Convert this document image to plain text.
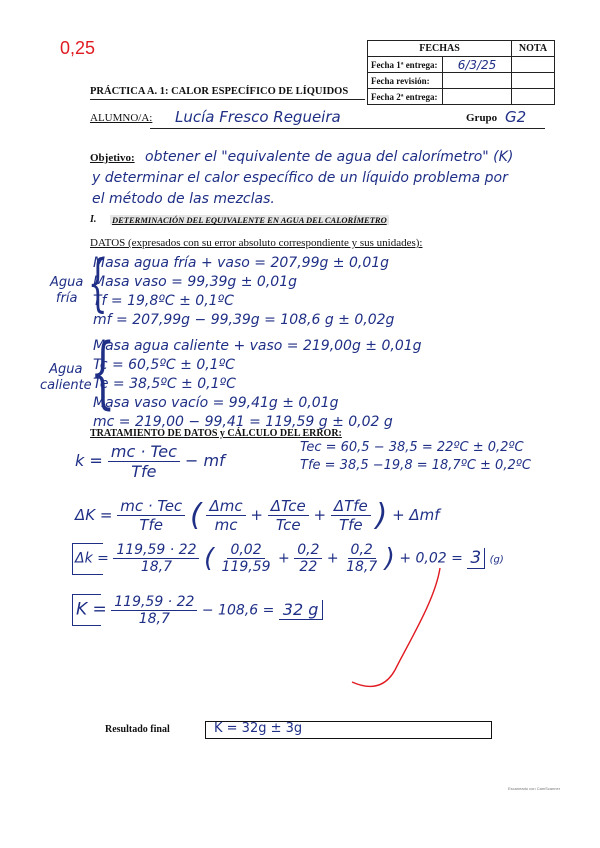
0,25	FECHAS		NOTA
Fecha 1ª entrega:	6/3/25	
Fecha revisión:		
Fecha 2ª entrega:		
PRÁCTICA A. 1: CALOR ESPECÍFICO DE LÍQUIDOS
ALUMNO/A: Lucía Fresco Regueira	Grupo G2
Objetivo: obtener el "equivalente de agua del calorímetro" (K)
y determinar el calor específico de un líquido problema por
el método de las mezclas.
I. DETERMINACIÓN DEL EQUIVALENTE EN AGUA DEL CALORÍMETRO
DATOS (expresados con su error absoluto correspondiente y sus unidades):
Agua
fría {
Masa agua fría + vaso = 207,99g ± 0,01g
Masa vaso = 99,39g ± 0,01g
Tf = 19,8ºC ± 0,1ºC
mf = 207,99g − 99,39g = 108,6 g ± 0,02g
Agua
caliente
{
Masa agua caliente + vaso = 219,00g ± 0,01g
Tc = 60,5ºC ± 0,1ºC
Te = 38,5ºC ± 0,1ºC
Masa vaso vacío = 99,41g ± 0,01g
mc = 219,00 − 99,41 = 119,59 g ± 0,02 g
TRATAMIENTO DE DATOS y CÁLCULO DEL ERROR:
Tec = 60,5 − 38,5 = 22ºC ± 0,2ºC
Tfe = 38,5 −19,8 = 18,7ºC ± 0,2ºC
$k = \frac{\text{mc · Tec}}{\text{Tfe}}$ − mf
$\Delta K = \frac{\text{mc · Tec}}{\text{Tfe}}$ ( $\frac{\text{Δmc}}{mc} + \frac{\text{ΔTce}}{\text{Tce}} + \frac{\text{ΔTfe}}{\text{Tfe}}$ ) + Δmf
$\Delta k = \frac{119,59 \cdot 22}{18,7}$ ( $\frac{0,02}{119,59} + \frac{0,2}{22} + \frac{0,2}{18,7}$ ) + 0,02 = 3 (g)
$K = \frac{119,59 \cdot 22}{18,7} - 108,6 = 32$ g
Resultado final	K = 32g ± 3g
Escaneado con CamScanner
